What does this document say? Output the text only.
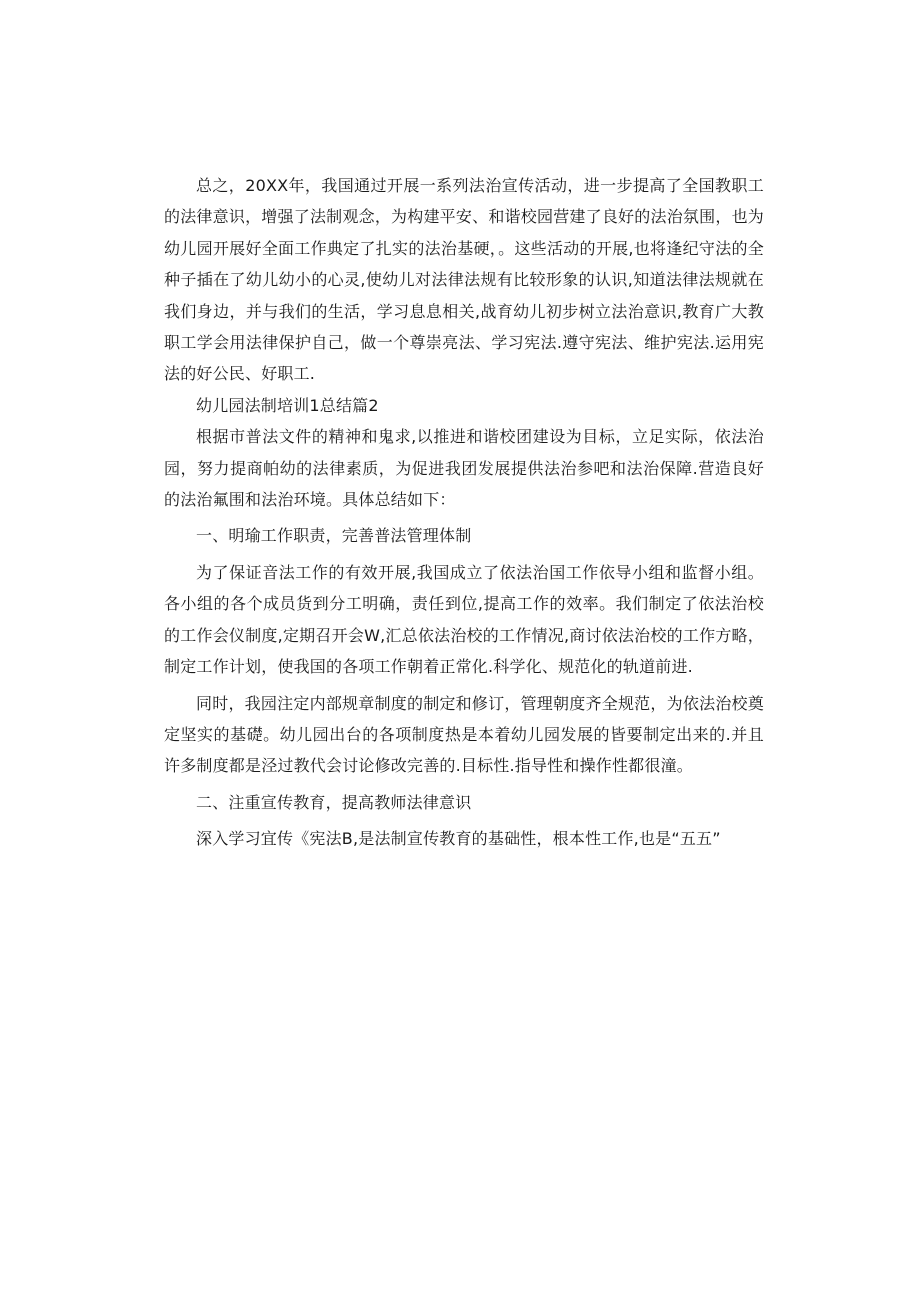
总之，20XX年，我国通过开展一系列法治宣传活动，进一步提高了全国教职工的法律意识，增强了法制观念，为构建平安、和谐校园营建了良好的法治氛围，也为幼儿园开展好全面工作典定了扎实的法治基硬，。这些活动的开展,也将逢纪守法的全种子插在了幼儿幼小的心灵,使幼儿对法律法规有比较形象的认识,知道法律法规就在我们身边，并与我们的生活，学习息息相关,战育幼儿初步树立法治意识,教育广大教职工学会用法律保护自己，做一个尊崇亮法、学习宪法.遵守宪法、维护宪法.运用宪法的好公民、好职工.

幼儿园法制培训1总结篇2

根据市普法文件的精神和鬼求,以推进和谐校团建设为目标，立足实际，依法治园，努力提商帕幼的法律素质，为促进我团发展提供法治参吧和法治保障.营造良好的法治氟围和法治环境。具体总结如下：

一、明瑜工作职责，完善普法管理体制

为了保证音法工作的有效开展,我国成立了依法治国工作依导小组和监督小组。各小组的各个成员货到分工明确，责任到位,提高工作的效率。我们制定了依法治校的工作会仪制度,定期召开会W,汇总依法治校的工作情况,商讨依法治校的工作方略，制定工作计划，使我国的各项工作朝着正常化.科学化、规范化的轨道前进.

同时，我园注定内部规章制度的制定和修订，管理朝度齐全规范，为依法治校奠定坚实的基礎。幼儿园出台的各项制度热是本着幼儿园发展的皆要制定出来的.并且许多制度都是泾过教代会讨论修改完善的.目标性.指导性和操作性都很潼。

二、注重宣传教育，提高教师法律意识

深入学习宜传《宪法B,是法制宣传教育的基础性，根本性工作,也是“五五”
